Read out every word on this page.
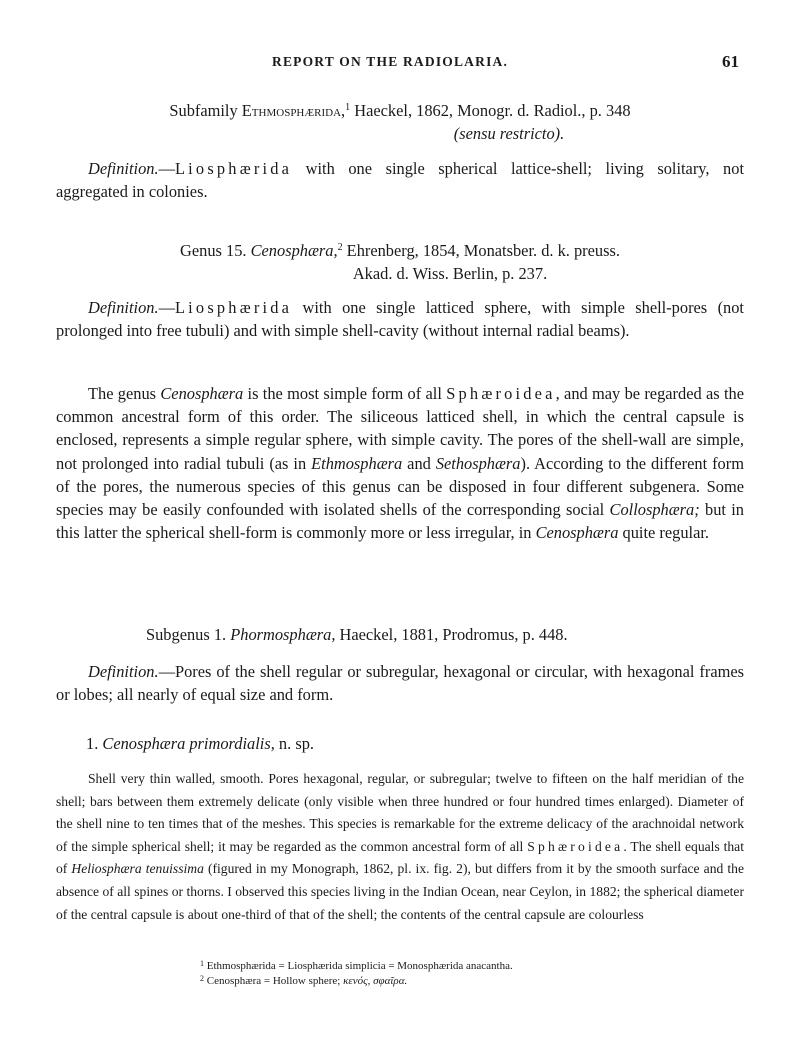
REPORT ON THE RADIOLARIA.	61
Subfamily Ethmosphærida,$^1$ Haeckel, 1862, Monogr. d. Radiol., p. 348
(sensu restricto).
Definition.—Liosphærida with one single spherical lattice-shell; living solitary, not aggregated in colonies.
Genus 15. Cenosphæra,$^2$ Ehrenberg, 1854, Monatsber. d. k. preuss.
Akad. d. Wiss. Berlin, p. 237.
Definition.—Liosphærida with one single latticed sphere, with simple shell-pores (not prolonged into free tubuli) and with simple shell-cavity (without internal radial beams).
The genus Cenosphæra is the most simple form of all Sphæroidea, and may be regarded as the common ancestral form of this order. The siliceous latticed shell, in which the central capsule is enclosed, represents a simple regular sphere, with simple cavity. The pores of the shell-wall are simple, not prolonged into radial tubuli (as in Ethmosphæra and Sethosphæra). According to the different form of the pores, the numerous species of this genus can be disposed in four different subgenera. Some species may be easily confounded with isolated shells of the corresponding social Collosphæra; but in this latter the spherical shell-form is commonly more or less irregular, in Cenosphæra quite regular.
Subgenus 1. Phormosphæra, Haeckel, 1881, Prodromus, p. 448.
Definition.—Pores of the shell regular or subregular, hexagonal or circular, with hexagonal frames or lobes; all nearly of equal size and form.
1. Cenosphæra primordialis, n. sp.
Shell very thin walled, smooth. Pores hexagonal, regular, or subregular; twelve to fifteen on the half meridian of the shell; bars between them extremely delicate (only visible when three hundred or four hundred times enlarged). Diameter of the shell nine to ten times that of the meshes. This species is remarkable for the extreme delicacy of the arachnoidal network of the simple spherical shell; it may be regarded as the common ancestral form of all Sphæroidea. The shell equals that of Heliosphæra tenuissima (figured in my Monograph, 1862, pl. ix. fig. 2), but differs from it by the smooth surface and the absence of all spines or thorns. I observed this species living in the Indian Ocean, near Ceylon, in 1882; the spherical diameter of the central capsule is about one-third of that of the shell; the contents of the central capsule are colourless
$^1$ Ethmosphærida = Liosphærida simplicia = Monosphærida anacantha.
$^2$ Cenosphæra = Hollow sphere; κενός, σφαῖρα.
